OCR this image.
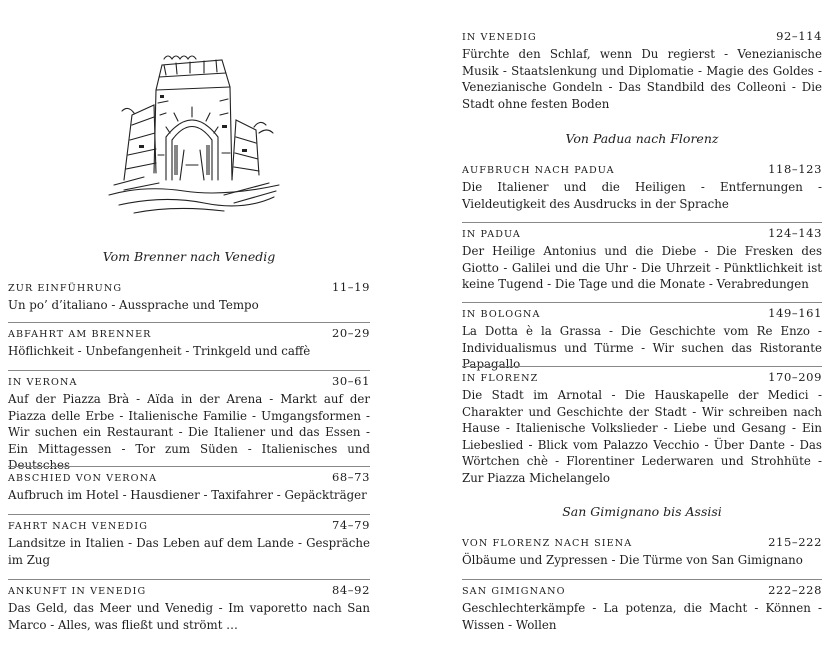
Vom Brenner nach Venedig
ZUR EINFÜHRUNG	11–19
Un po’ d’italiano - Aussprache und Tempo
ABFAHRT AM BRENNER	20–29
Höflichkeit - Unbefangenheit - Trinkgeld und caffè
IN VERONA	30–61
Auf der Piazza Brà - Aïda in der Arena - Markt auf der Piazza delle Erbe - Italienische Familie - Umgangsformen - Wir suchen ein Restaurant - Die Italiener und das Essen - Ein Mittagessen - Tor zum Süden - Italienisches und Deutsches
ABSCHIED VON VERONA	68–73
Aufbruch im Hotel - Hausdiener - Taxifahrer - Gepäckträger
FAHRT NACH VENEDIG	74–79
Landsitze in Italien - Das Leben auf dem Lande - Gespräche im Zug
ANKUNFT IN VENEDIG	84–92
Das Geld, das Meer und Venedig - Im vaporetto nach San Marco - Alles, was fließt und strömt …
IN VENEDIG	92–114
Fürchte den Schlaf, wenn Du regierst - Venezianische Musik - Staatslenkung und Diplomatie - Magie des Goldes - Venezianische Gondeln - Das Standbild des Colleoni - Die Stadt ohne festen Boden
Von Padua nach Florenz
AUFBRUCH NACH PADUA	118–123
Die Italiener und die Heiligen - Entfernungen - Vieldeutigkeit des Ausdrucks in der Sprache
IN PADUA	124–143
Der Heilige Antonius und die Diebe - Die Fresken des Giotto - Galilei und die Uhr - Die Uhrzeit - Pünktlichkeit ist keine Tugend - Die Tage und die Monate - Verabredungen
IN BOLOGNA	149–161
La Dotta è la Grassa - Die Geschichte vom Re Enzo - Individualismus und Türme - Wir suchen das Ristorante Papagallo
IN FLORENZ	170–209
Die Stadt im Arnotal - Die Hauskapelle der Medici - Charakter und Geschichte der Stadt - Wir schreiben nach Hause - Italienische Volkslieder - Liebe und Gesang - Ein Liebeslied - Blick vom Palazzo Vecchio - Über Dante - Das Wörtchen chè - Florentiner Lederwaren und Strohhüte - Zur Piazza Michelangelo
San Gimignano bis Assisi
VON FLORENZ NACH SIENA	215–222
Ölbäume und Zypressen - Die Türme von San Gimignano
SAN GIMIGNANO	222–228
Geschlechterkämpfe - La potenza, die Macht - Können - Wissen - Wollen
